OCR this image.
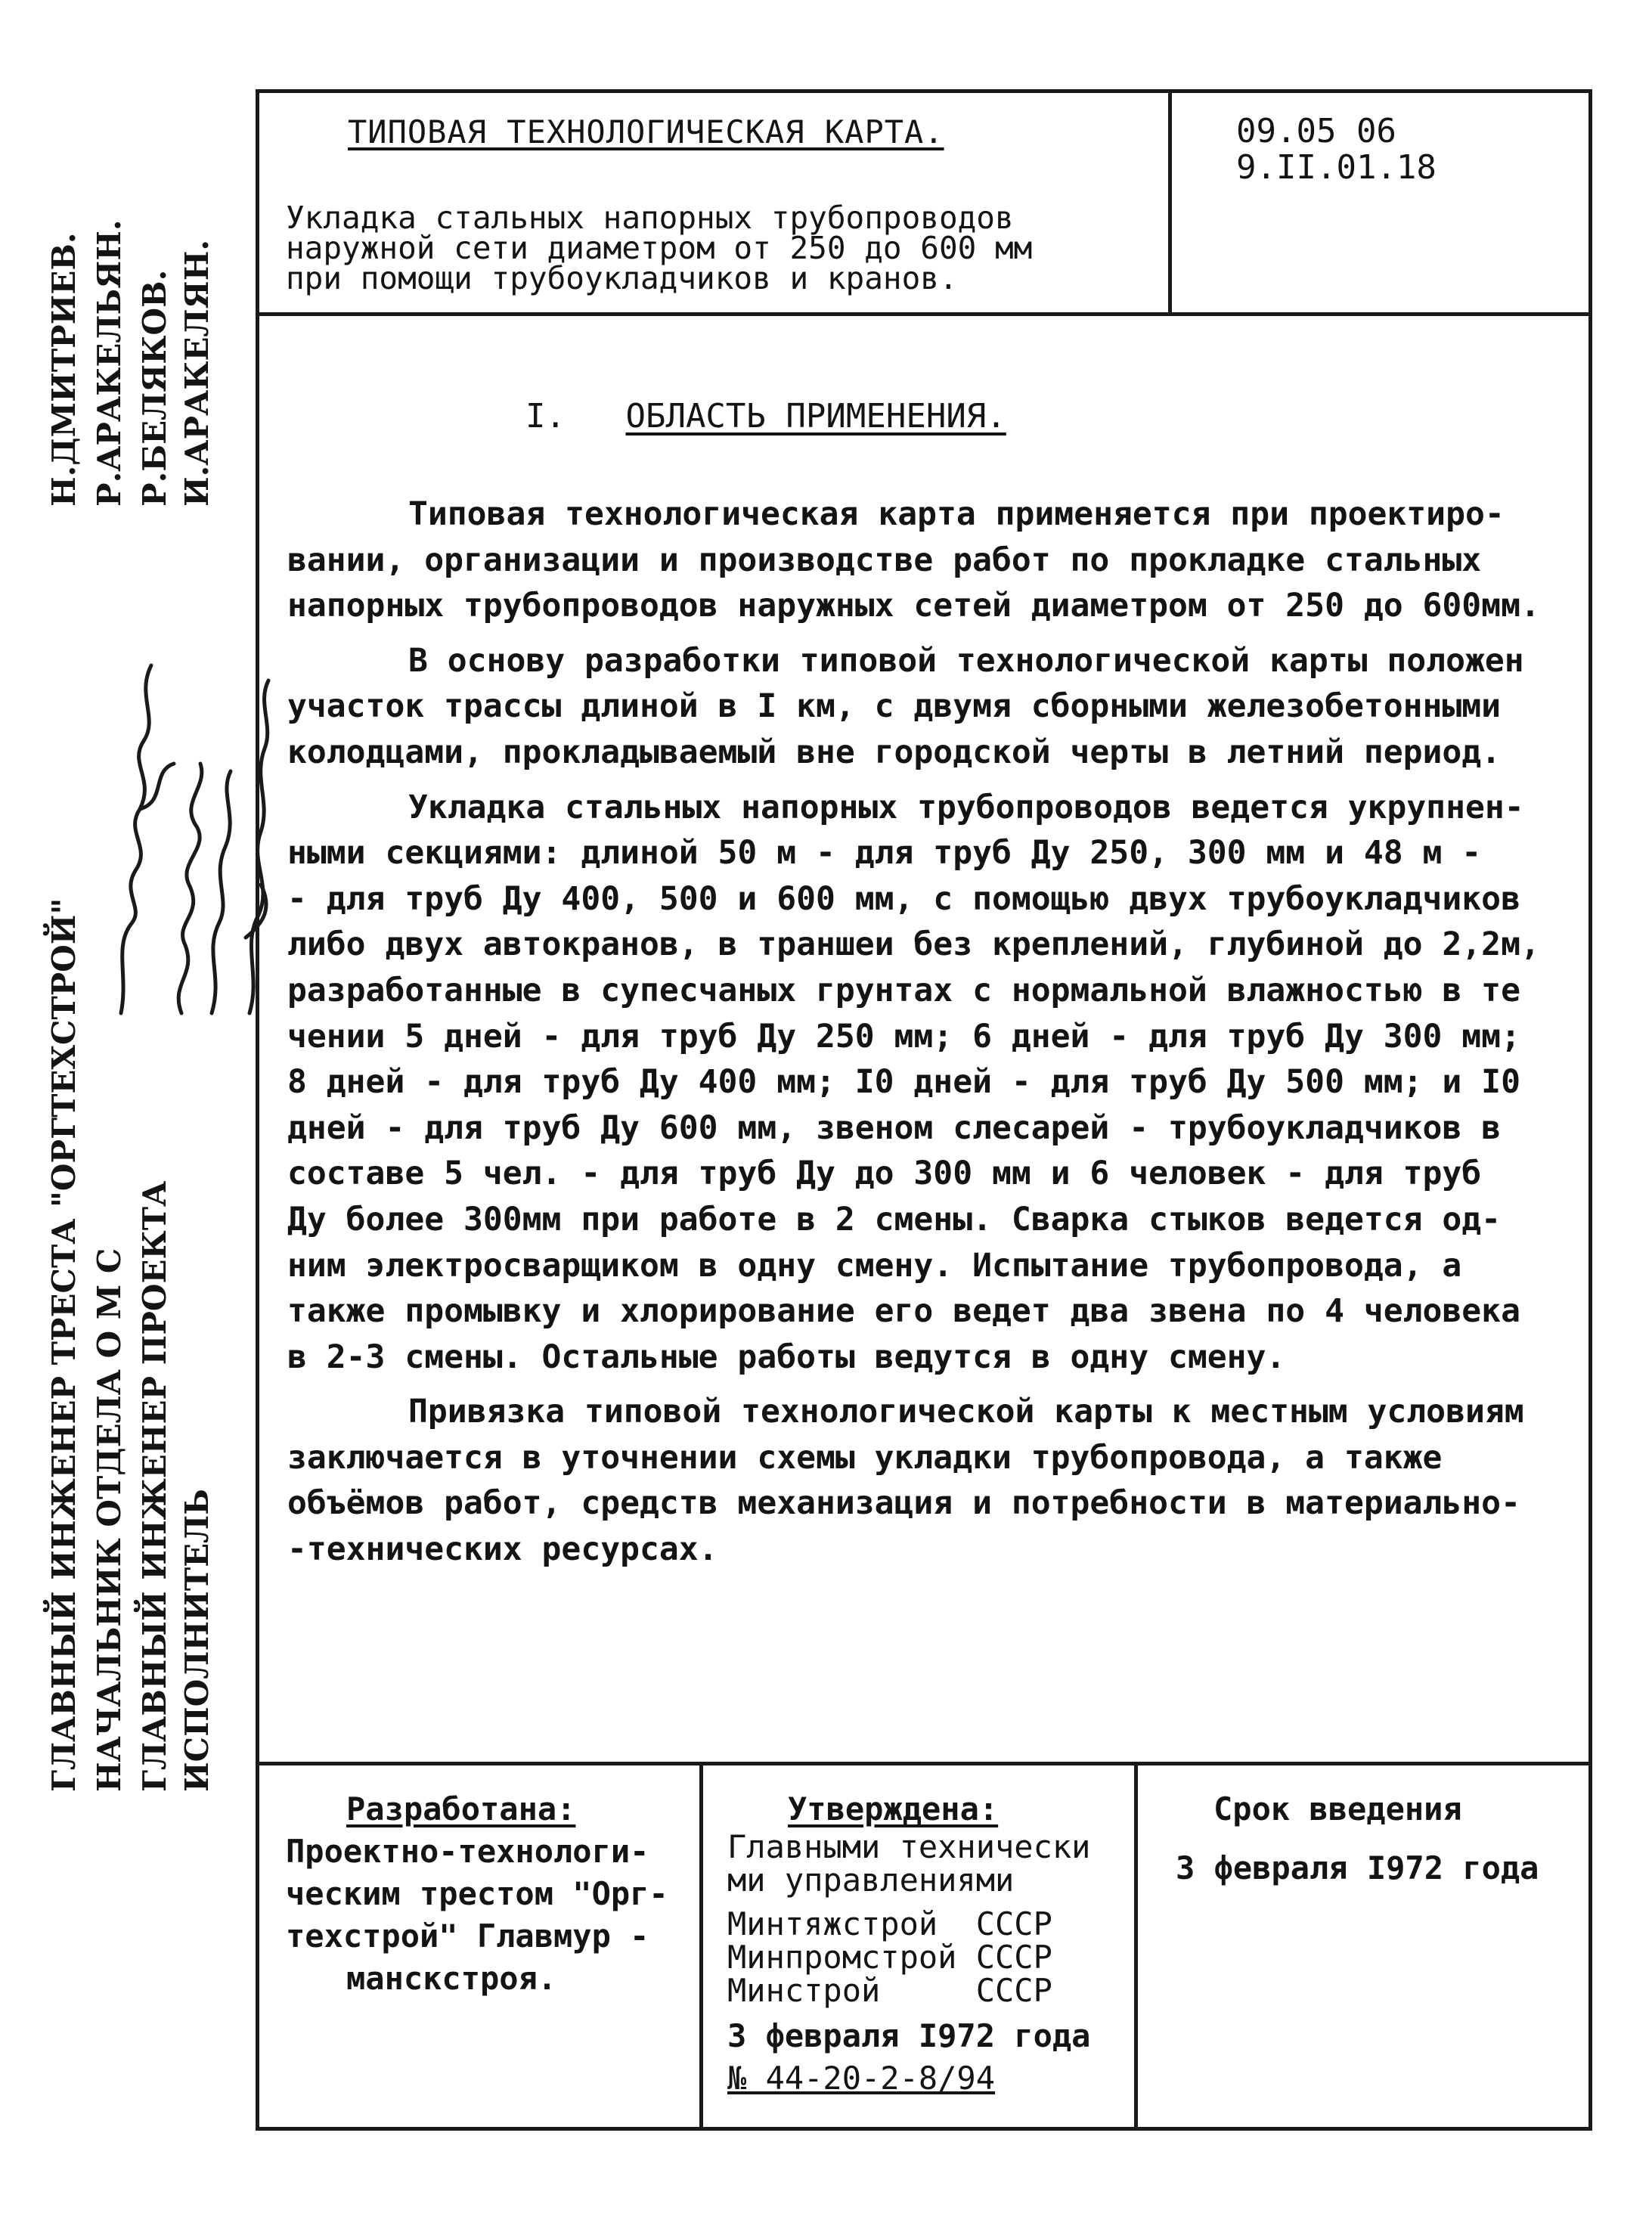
ТИПОВАЯ ТЕХНОЛОГИЧЕСКАЯ КАРТА.
Укладка стальных напорных трубопроводов
наружной сети диаметром от 250 до 600 мм
при помощи трубоукладчиков и кранов.
09.05 06
9.II.01.18
ГЛАВНЫЙ ИНЖЕНЕР ТРЕСТА "ОРГТЕХСТРОЙ"
Н.ДМИТРИЕВ.
НАЧАЛЬНИК ОТДЕЛА О М С
Р.АРАКЕЛЬЯН.
ГЛАВНЫЙ ИНЖЕНЕР ПРОЕКТА
Р.БЕЛЯКОВ.
ИСПОЛНИТЕЛЬ
И.АРАКЕЛЯН.	I. ОБЛАСТЬ ПРИМЕНЕНИЯ.

Типовая технологическая карта применяется при проектиро-
вании, организации и производстве работ по прокладке стальных
напорных трубопроводов наружных сетей диаметром от 250 до 600мм.

В основу разработки типовой технологической карты положен
участок трассы длиной в I км, с двумя сборными железобетонными
колодцами, прокладываемый вне городской черты в летний период.

Укладка стальных напорных трубопроводов ведется укрупнен-
ными секциями: длиной 50 м - для труб Ду 250, 300 мм и 48 м -
- для труб Ду 400, 500 и 600 мм, с помощью двух трубоукладчиков
либо двух автокранов, в траншеи без креплений, глубиной до 2,2м,
разработанные в супесчаных грунтах с нормальной влажностью в те
чении 5 дней - для труб Ду 250 мм; 6 дней - для труб Ду 300 мм;
8 дней - для труб Ду 400 мм; I0 дней - для труб Ду 500 мм; и I0
дней - для труб Ду 600 мм, звеном слесарей - трубоукладчиков в
составе 5 чел. - для труб Ду до 300 мм и 6 человек - для труб
Ду более 300мм при работе в 2 смены. Сварка стыков ведется од-
ним электросварщиком в одну смену. Испытание трубопровода, а
также промывку и хлорирование его ведет два звена по 4 человека
в 2-3 смены. Остальные работы ведутся в одну смену.

Привязка типовой технологической карты к местным условиям
заключается в уточнении схемы укладки трубопровода, а также
объёмов работ, средств механизация и потребности в материально-
-технических ресурсах.

Разработана:
Проектно-технологи-
ческим трестом "Орг-
техстрой" Главмур -
манскстроя.
Утверждена:
Главными технически
ми управлениями
Минтяжстрой  СССР
Минпромстрой СССР
Минстрой     СССР
3 февраля I972 года
№ 44-20-2-8/94
Срок введения
3 февраля I972 года
